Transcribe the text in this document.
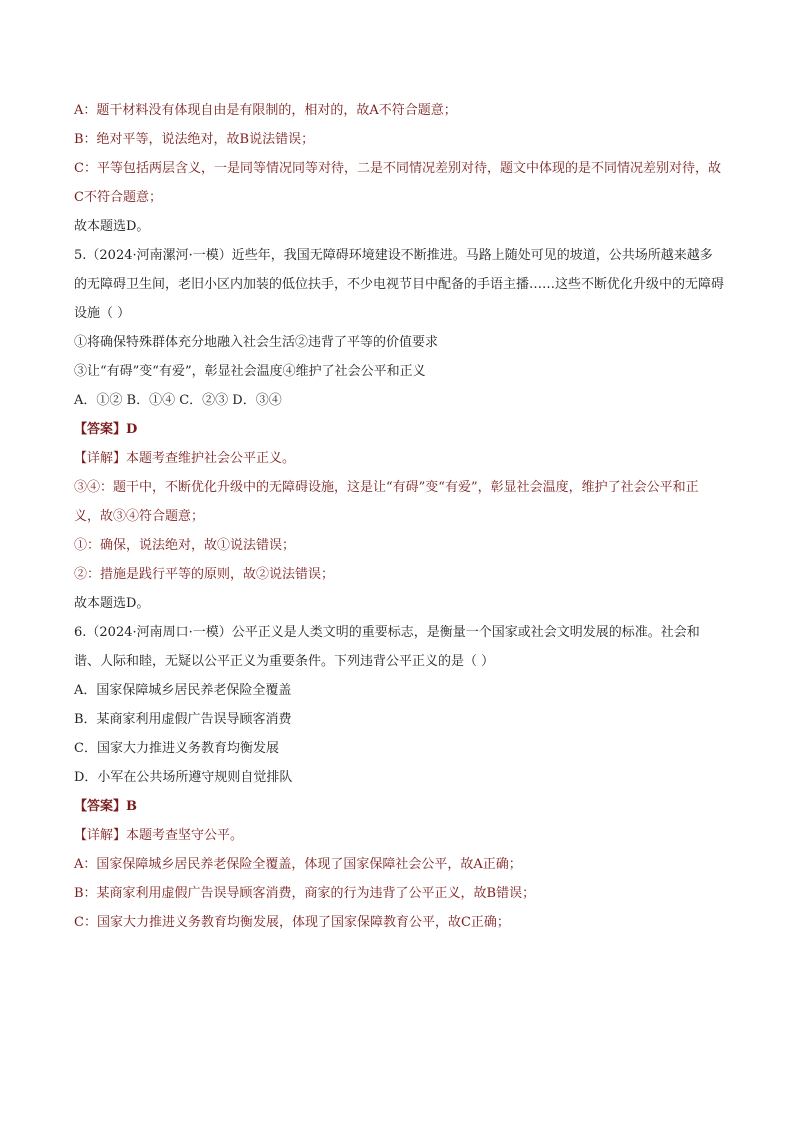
A：题干材料没有体现自由是有限制的，相对的，故A不符合题意；
B：绝对平等，说法绝对，故B说法错误；
C：平等包括两层含义，一是同等情况同等对待，二是不同情况差别对待，题文中体现的是不同情况差别对待，故C不符合题意；
故本题选D。
5.（2024·河南漯河·一模）近些年，我国无障碍环境建设不断推进。马路上随处可见的坡道，公共场所越来越多的无障碍卫生间，老旧小区内加装的低位扶手，不少电视节目中配备的手语主播……这些不断优化升级中的无障碍设施（ ）
①将确保特殊群体充分地融入社会生活②违背了平等的价值要求
③让“有碍”变“有爱”，彰显社会温度④维护了社会公平和正义
A．①② B．①④ C．②③ D．③④
【答案】D
【详解】本题考查维护社会公平正义。
③④：题干中，不断优化升级中的无障碍设施，这是让“有碍”变“有爱”，彰显社会温度，维护了社会公平和正义，故③④符合题意；
①：确保，说法绝对，故①说法错误；
②：措施是践行平等的原则，故②说法错误；
故本题选D。
6.（2024·河南周口·一模）公平正义是人类文明的重要标志，是衡量一个国家或社会文明发展的标准。社会和谐、人际和睦，无疑以公平正义为重要条件。下列违背公平正义的是（ ）
A．国家保障城乡居民养老保险全覆盖
B．某商家利用虚假广告误导顾客消费
C．国家大力推进义务教育均衡发展
D．小军在公共场所遵守规则自觉排队
【答案】B
【详解】本题考查坚守公平。
A：国家保障城乡居民养老保险全覆盖，体现了国家保障社会公平，故A正确；
B：某商家利用虚假广告误导顾客消费，商家的行为违背了公平正义，故B错误；
C：国家大力推进义务教育均衡发展，体现了国家保障教育公平，故C正确；
